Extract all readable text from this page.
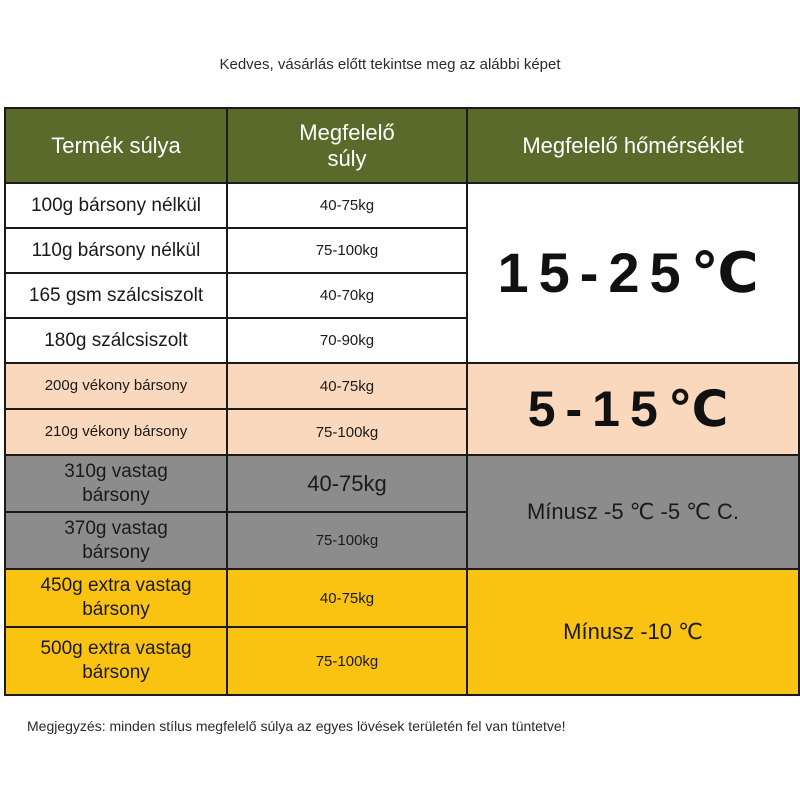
Kedves, vásárlás előtt tekintse meg az alábbi képet
Termék súlya	Megfelelő súly	Megfelelő hőmérséklet
100g bársony nélkül	40-75kg	15-25℃
110g bársony nélkül	75-100kg	
165 gsm szálcsiszolt	40-70kg	
180g szálcsiszolt	70-90kg	
200g vékony bársony	40-75kg	5-15℃
210g vékony bársony	75-100kg	

310g vastag bársony	40-75kg	Mínusz -5 ℃ -5 ℃ C.

370g vastag bársony	75-100kg	

450g extra vastag bársony	40-75kg	Mínusz -10 ℃

500g extra vastag bársony	75-100kg	
Megjegyzés: minden stílus megfelelő súlya az egyes lövések területén fel van tüntetve!
